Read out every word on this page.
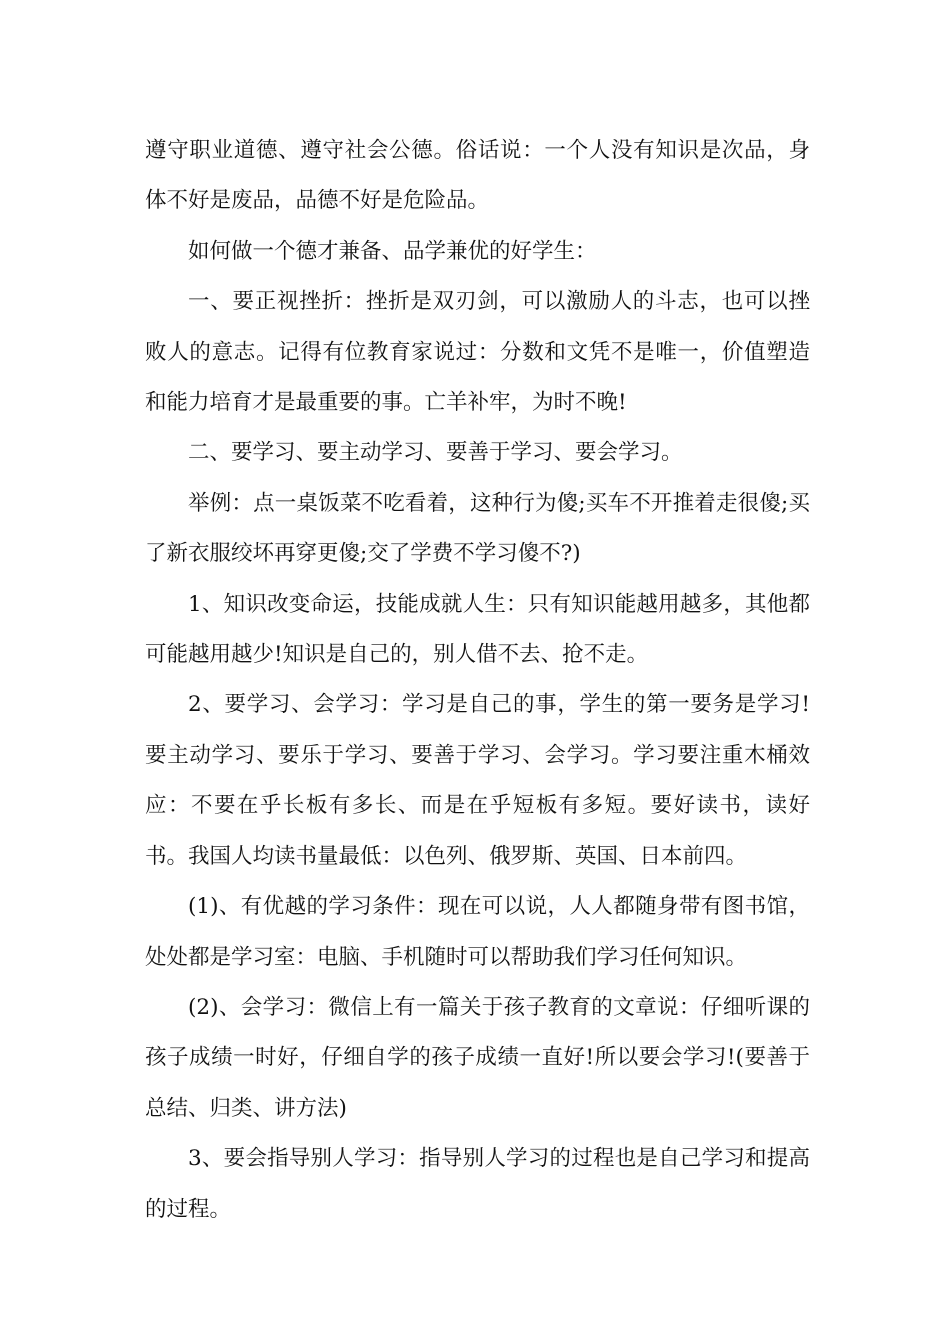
遵守职业道德、遵守社会公德。俗话说：一个人没有知识是次品，身体不好是废品，品德不好是危险品。

如何做一个德才兼备、品学兼优的好学生：

一、要正视挫折：挫折是双刃剑，可以激励人的斗志，也可以挫败人的意志。记得有位教育家说过：分数和文凭不是唯一，价值塑造和能力培育才是最重要的事。亡羊补牢，为时不晚!

二、要学习、要主动学习、要善于学习、要会学习。

举例：点一桌饭菜不吃看着，这种行为傻;买车不开推着走很傻;买了新衣服绞坏再穿更傻;交了学费不学习傻不?)

1、知识改变命运，技能成就人生：只有知识能越用越多，其他都可能越用越少!知识是自己的，别人借不去、抢不走。

2、要学习、会学习：学习是自己的事，学生的第一要务是学习!要主动学习、要乐于学习、要善于学习、会学习。学习要注重木桶效应：不要在乎长板有多长、而是在乎短板有多短。要好读书，读好书。我国人均读书量最低：以色列、俄罗斯、英国、日本前四。

(1)、有优越的学习条件：现在可以说，人人都随身带有图书馆，处处都是学习室：电脑、手机随时可以帮助我们学习任何知识。

(2)、会学习：微信上有一篇关于孩子教育的文章说：仔细听课的孩子成绩一时好，仔细自学的孩子成绩一直好!所以要会学习!(要善于总结、归类、讲方法)

3、要会指导别人学习：指导别人学习的过程也是自己学习和提高的过程。
